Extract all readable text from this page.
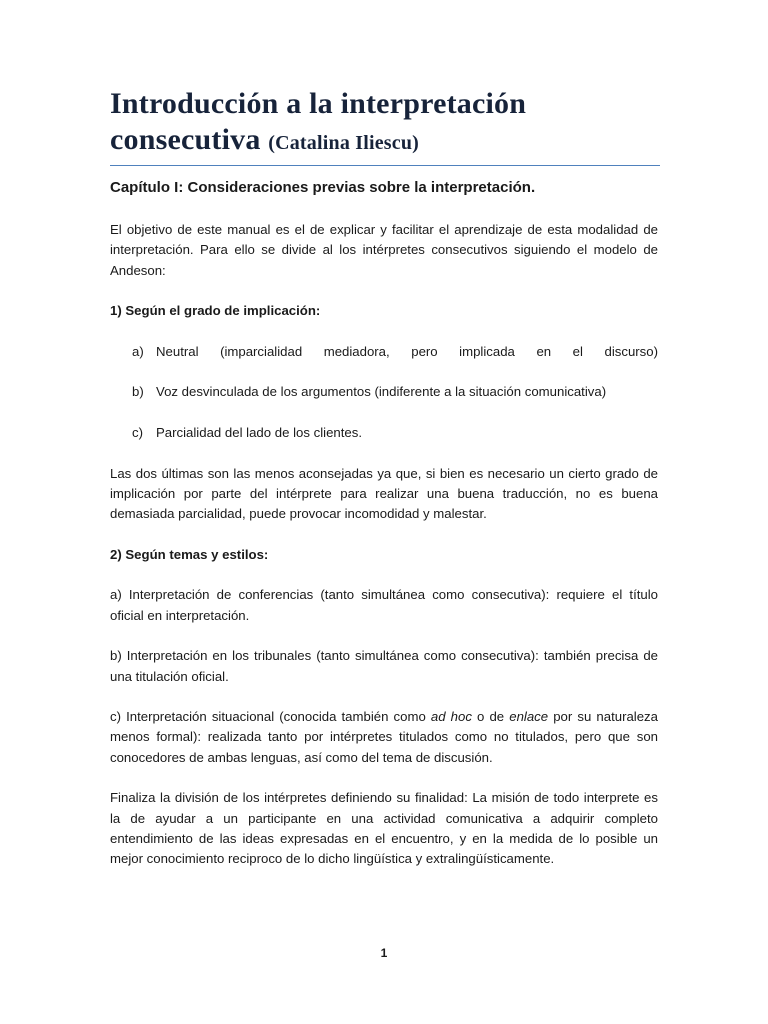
Introducción a la interpretación consecutiva (Catalina Iliescu)
Capítulo I: Consideraciones previas sobre la interpretación.

El objetivo de este manual es el de explicar y facilitar el aprendizaje de esta modalidad de interpretación. Para ello se divide al los intérpretes consecutivos siguiendo el modelo de Andeson:

1) Según el grado de implicación:

a) Neutral (imparcialidad mediadora, pero implicada en el discurso)

b) Voz desvinculada de los argumentos (indiferente a la situación comunicativa)

c) Parcialidad del lado de los clientes.

Las dos últimas son las menos aconsejadas ya que, si bien es necesario un cierto grado de implicación por parte del intérprete para realizar una buena traducción, no es buena demasiada parcialidad, puede provocar incomodidad y malestar.

2) Según temas y estilos:

a) Interpretación de conferencias (tanto simultánea como consecutiva): requiere el título oficial en interpretación.

b) Interpretación en los tribunales (tanto simultánea como consecutiva): también precisa de una titulación oficial.

c) Interpretación situacional (conocida también como ad hoc o de enlace por su naturaleza menos formal): realizada tanto por intérpretes titulados como no titulados, pero que son conocedores de ambas lenguas, así como del tema de discusión.

Finaliza la división de los intérpretes definiendo su finalidad: La misión de todo interprete es la de ayudar a un participante en una actividad comunicativa a adquirir completo entendimiento de las ideas expresadas en el encuentro, y en la medida de lo posible un mejor conocimiento reciproco de lo dicho lingüística y extralingüísticamente.

1
